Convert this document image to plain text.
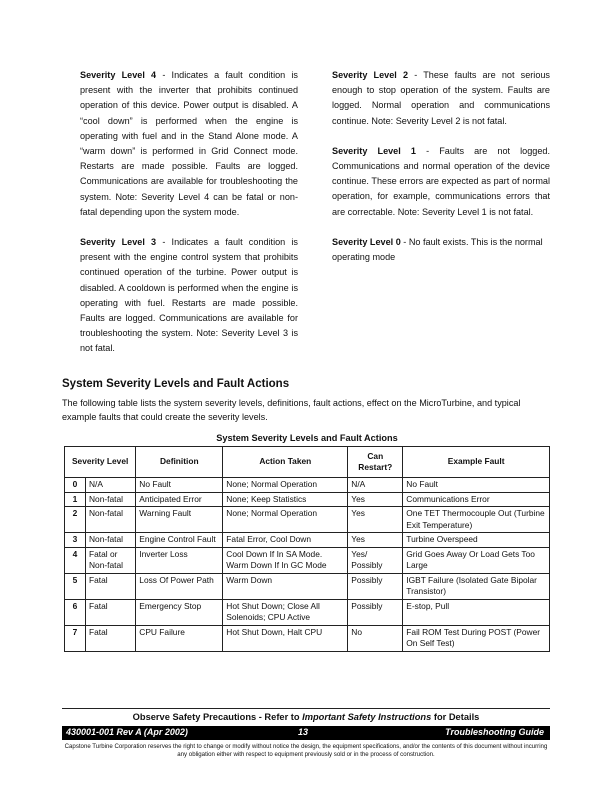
Severity Level 4 - Indicates a fault condition is present with the inverter that prohibits continued operation of this device. Power output is disabled. A “cool down” is performed when the engine is operating with fuel and in the Stand Alone mode. A “warm down” is performed in Grid Connect mode. Restarts are made possible. Faults are logged. Communications are available for troubleshooting the system. Note: Severity Level 4 can be fatal or non-fatal depending upon the system mode.

Severity Level 3 - Indicates a fault condition is present with the engine control system that prohibits continued operation of the turbine. Power output is disabled. A cooldown is performed when the engine is operating with fuel. Restarts are made possible. Faults are logged. Communications are available for troubleshooting the system. Note: Severity Level 3 is not fatal.

Severity Level 2 - These faults are not serious enough to stop operation of the system. Faults are logged. Normal operation and communications continue. Note: Severity Level 2 is not fatal.

Severity Level 1 - Faults are not logged. Communications and normal operation of the device continue. These errors are expected as part of normal operation, for example, communications errors that are correctable. Note: Severity Level 1 is not fatal.

Severity Level 0 - No fault exists. This is the normal operating mode

System Severity Levels and Fault Actions

The following table lists the system severity levels, definitions, fault actions, effect on the MicroTurbine, and typical example faults that could create the severity levels.

System Severity Levels and Fault Actions
Severity Level		Definition	Action Taken	Can Restart?	Example Fault
0	N/A	No Fault	None; Normal Operation	N/A	No Fault
1	Non-fatal	Anticipated Error	None; Keep Statistics	Yes	Communications Error
2	Non-fatal	Warning Fault	None; Normal Operation	Yes	One TET Thermocouple Out (Turbine Exit Temperature)
3	Non-fatal	Engine Control Fault	Fatal Error, Cool Down	Yes	Turbine Overspeed
4	Fatal or Non-fatal	Inverter Loss	Cool Down If In SA Mode. Warm Down If In GC Mode	Yes/ Possibly	Grid Goes Away Or Load Gets Too Large
5	Fatal	Loss Of Power Path	Warm Down	Possibly	IGBT Failure (Isolated Gate Bipolar Transistor)
6	Fatal	Emergency Stop	Hot Shut Down; Close All Solenoids; CPU Active	Possibly	E-stop, Pull
7	Fatal	CPU Failure	Hot Shut Down, Halt CPU	No	Fail ROM Test During POST (Power On Self Test)
Observe Safety Precautions - Refer to Important Safety Instructions for Details
430001-001 Rev A (Apr 2002)	13	Troubleshooting Guide
Capstone Turbine Corporation reserves the right to change or modify without notice the design, the equipment specifications, and/or the contents of this document without incurring any obligation either with respect to equipment previously sold or in the process of construction.
